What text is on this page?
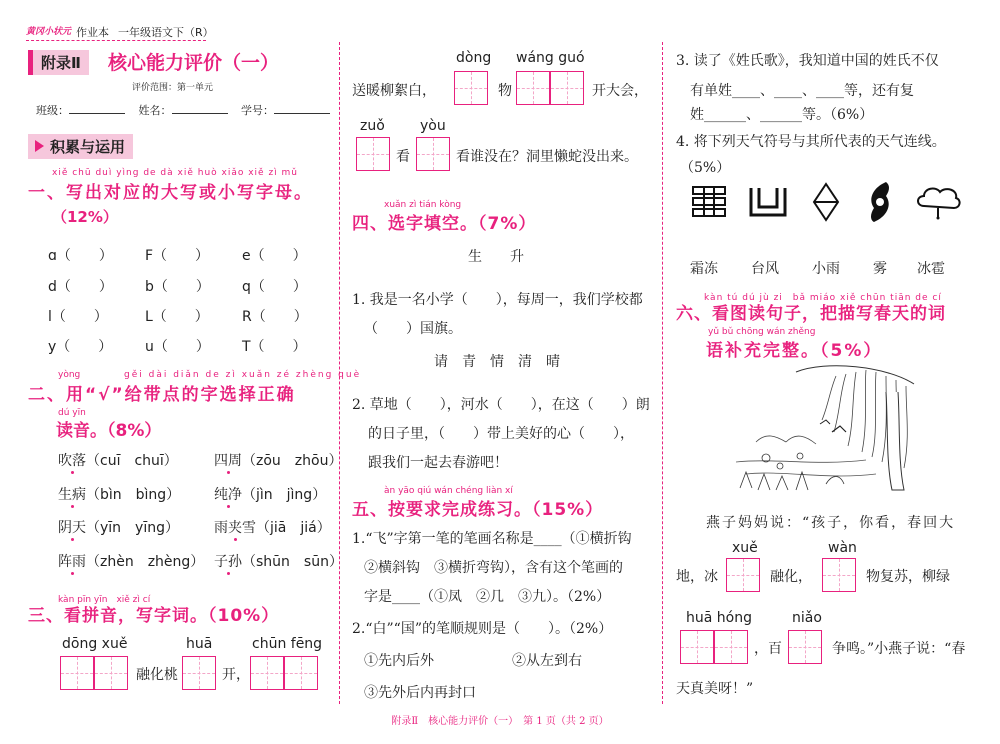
黄冈小状元 作业本 一年级语文下（R）
附录Ⅱ	核心能力评价（一）
评价范围：第一单元
班级：	姓名：	学号：
积累与运用
xiě chū duì yìng de dà xiě huò xiǎo xiě zì mǔ
一、写出对应的大写或小写字母。
（12%）
ɑ（　　） F（　　） e（　　）
d（　　） b（　　） q（　　）
l（　　）	L（　　） R（　　）
y（　　） u（　　） T（　　）
yòng	gěi dài diǎn de zì xuǎn zé zhèng què
二、用“√”给带点的字选择正确
dú yīn
读音。（8%）
吹落（cuī　chuī）	四周（zōu　zhōu）
生病（bìn　bìng） 纯净（jìn　jìng）
阴天（yīn　yīng）	雨夹雪（jiā　jiá）
阵雨（zhèn　zhèng） 子孙（shūn　sūn）
kàn pīn yīn　xiě zì cí
三、看拼音，写字词。（10%）
dōng xuě
融化桃
huā
开，
chūn fēng
dòng wáng guó
送暖柳絮白，	物	开大会，
zuǒ	yòu
看	看谁没在？洞里懒蛇没出来。
xuǎn zì tián kòng
四、选字填空。（7%）
生　　升
1. 我是一名小学（　　），每周一，我们学校都
（　　）国旗。
请　青　情　清　晴
2. 草地（　　），河水（　　），在这（　　）朗
的日子里，（　　）带上美好的心（　　），
跟我们一起去春游吧！
àn yāo qiú wán chéng liàn xí
五、按要求完成练习。（15%）
1.“飞”字第一笔的笔画名称是____（①横折钩
②横斜钩　③横折弯钩），含有这个笔画的
字是____（①凤　②几　③九）。（2%）
2.“白”“国”的笔顺规则是（　　）。（2%）
①先内后外	②从左到右
③先外后内再封口
3. 读了《姓氏歌》，我知道中国的姓氏不仅
有单姓____、____、____等，还有复
姓______、______等。（6%）
4. 将下列天气符号与其所代表的天气连线。
（5%）
霜冻 台风 小雨 雾 冰雹
kàn tú dú jù zi　bǎ miáo xiě chūn tiān de cí
六、看图读句子，把描写春天的词
yǔ bǔ chōng wán zhěng
语补充完整。（5%）
燕子妈妈说：“孩子，你看，春回大
xuě	wàn
地，冰	融化，	物复苏，柳绿
huā hóng	niǎo
，百	争鸣。”小燕子说：“春
天真美呀！”
附录Ⅱ　核心能力评价（一）　第 1 页（共 2 页）
